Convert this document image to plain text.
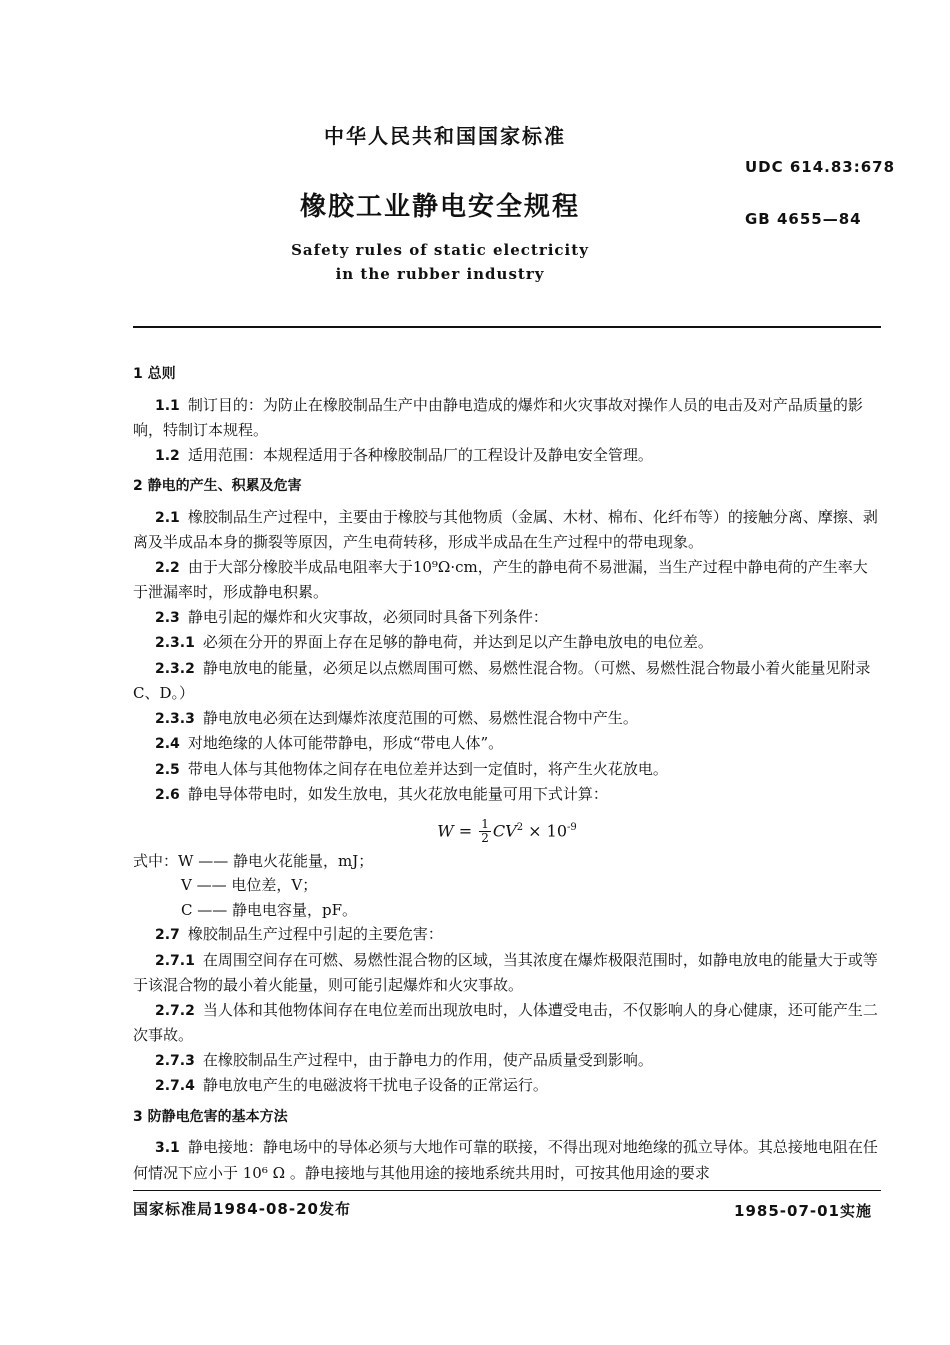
中华人民共和国国家标准
UDC 614.83:678
橡胶工业静电安全规程	GB 4655—84
Safety rules of static electricity
in the rubber industry

1 总则

1.1 制订目的：为防止在橡胶制品生产中由静电造成的爆炸和火灾事故对操作人员的电击及对产品质量的影响，特制订本规程。

1.2 适用范围：本规程适用于各种橡胶制品厂的工程设计及静电安全管理。

2 静电的产生、积累及危害

2.1 橡胶制品生产过程中，主要由于橡胶与其他物质（金属、木材、棉布、化纤布等）的接触分离、摩擦、剥离及半成品本身的撕裂等原因，产生电荷转移，形成半成品在生产过程中的带电现象。

2.2 由于大部分橡胶半成品电阻率大于10⁹Ω·cm，产生的静电荷不易泄漏，当生产过程中静电荷的产生率大于泄漏率时，形成静电积累。

2.3 静电引起的爆炸和火灾事故，必须同时具备下列条件：

2.3.1 必须在分开的界面上存在足够的静电荷，并达到足以产生静电放电的电位差。

2.3.2 静电放电的能量，必须足以点燃周围可燃、易燃性混合物。（可燃、易燃性混合物最小着火能量见附录C、D。）

2.3.3 静电放电必须在达到爆炸浓度范围的可燃、易燃性混合物中产生。

2.4 对地绝缘的人体可能带静电，形成“带电人体”。

2.5 带电人体与其他物体之间存在电位差并达到一定值时，将产生火花放电。

2.6 静电导体带电时，如发生放电，其火花放电能量可用下式计算：

$W = \frac{1}{2} CV^2 \times 10^{-9}$

式中：W —— 静电火花能量，mJ；

V —— 电位差，V；

C —— 静电电容量，pF。

2.7 橡胶制品生产过程中引起的主要危害：

2.7.1 在周围空间存在可燃、易燃性混合物的区域，当其浓度在爆炸极限范围时，如静电放电的能量大于或等于该混合物的最小着火能量，则可能引起爆炸和火灾事故。

2.7.2 当人体和其他物体间存在电位差而出现放电时，人体遭受电击，不仅影响人的身心健康，还可能产生二次事故。

2.7.3 在橡胶制品生产过程中，由于静电力的作用，使产品质量受到影响。

2.7.4 静电放电产生的电磁波将干扰电子设备的正常运行。

3 防静电危害的基本方法

3.1 静电接地：静电场中的导体必须与大地作可靠的联接，不得出现对地绝缘的孤立导体。其总接地电阻在任何情况下应小于 10⁶ Ω 。静电接地与其他用途的接地系统共用时，可按其他用途的要求

国家标准局1984-08-20发布	1985-07-01实施
